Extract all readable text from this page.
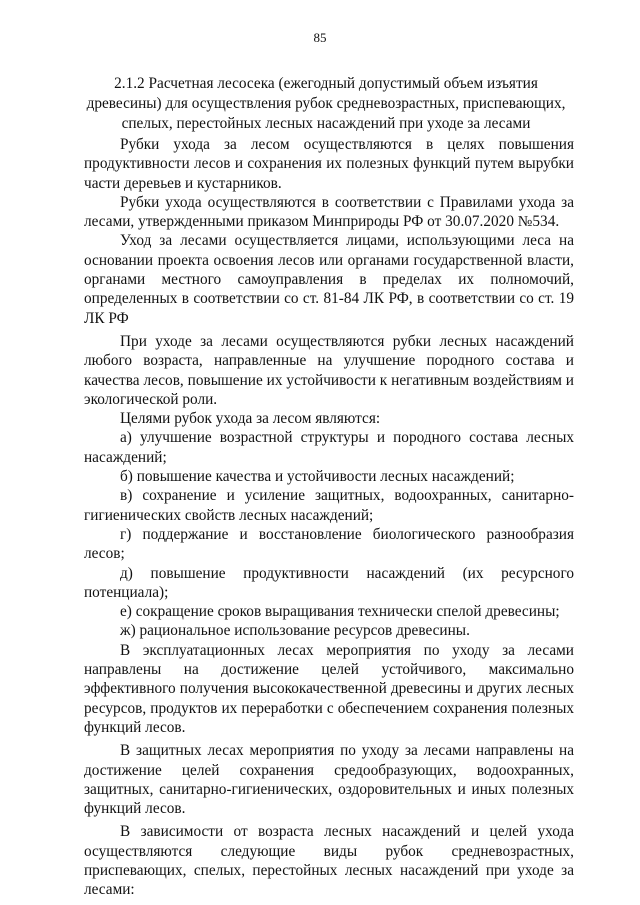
85
2.1.2 Расчетная лесосека (ежегодный допустимый объем изъятия древесины) для осуществления рубок средневозрастных, приспевающих, спелых, перестойных лесных насаждений при уходе за лесами

Рубки ухода за лесом осуществляются в целях повышения продуктивности лесов и сохранения их полезных функций путем вырубки части деревьев и кустарников.

Рубки ухода осуществляются в соответствии с Правилами ухода за лесами, утвержденными приказом Минприроды РФ от 30.07.2020 №534.

Уход за лесами осуществляется лицами, использующими леса на основании проекта освоения лесов или органами государственной власти, органами местного самоуправления в пределах их полномочий, определенных в соответствии со ст. 81-84 ЛК РФ, в соответствии со ст. 19 ЛК РФ

При уходе за лесами осуществляются рубки лесных насаждений любого возраста, направленные на улучшение породного состава и качества лесов, повышение их устойчивости к негативным воздействиям и экологической роли.

Целями рубок ухода за лесом являются:

а) улучшение возрастной структуры и породного состава лесных насаждений;

б) повышение качества и устойчивости лесных насаждений;

в) сохранение и усиление защитных, водоохранных, санитарно-гигиенических свойств лесных насаждений;

г) поддержание и восстановление биологического разнообразия лесов;

д) повышение продуктивности насаждений (их ресурсного потенциала);

е) сокращение сроков выращивания технически спелой древесины;

ж) рациональное использование ресурсов древесины.

В эксплуатационных лесах мероприятия по уходу за лесами направлены на достижение целей устойчивого, максимально эффективного получения высококачественной древесины и других лесных ресурсов, продуктов их переработки с обеспечением сохранения полезных функций лесов.

В защитных лесах мероприятия по уходу за лесами направлены на достижение целей сохранения средообразующих, водоохранных, защитных, санитарно-гигиенических, оздоровительных и иных полезных функций лесов.

В зависимости от возраста лесных насаждений и целей ухода осуществляются следующие виды рубок средневозрастных, приспевающих, спелых, перестойных лесных насаждений при уходе за лесами:
